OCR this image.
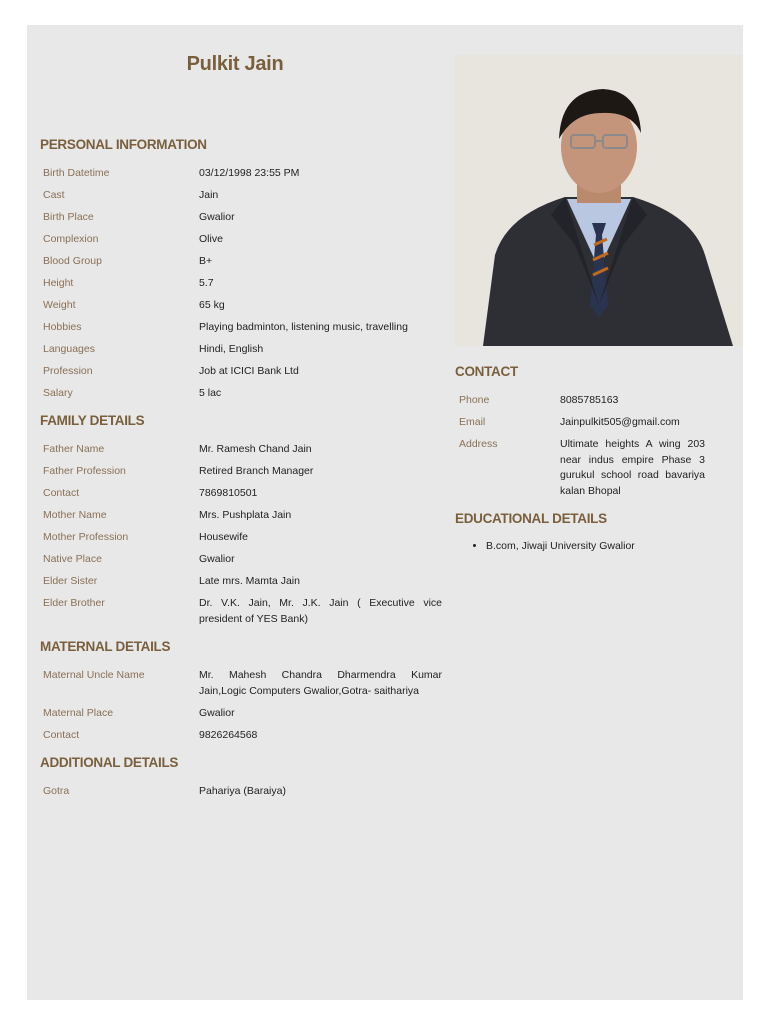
Pulkit Jain
PERSONAL INFORMATION
Birth Datetime	03/12/1998 23:55 PM
Cast	Jain
Birth Place	Gwalior
Complexion	Olive
Blood Group	B+
Height	5.7
Weight	65 kg
Hobbies	Playing badminton, listening music, travelling
Languages	Hindi, English
Profession	Job at ICICI Bank Ltd
Salary	5 lac
FAMILY DETAILS
Father Name	Mr. Ramesh Chand Jain
Father Profession	Retired Branch Manager
Contact	7869810501
Mother Name	Mrs. Pushplata Jain
Mother Profession	Housewife
Native Place	Gwalior
Elder Sister	Late mrs. Mamta Jain
Elder Brother	Dr. V.K. Jain, Mr. J.K. Jain ( Executive vice president of YES Bank)
MATERNAL DETAILS
Maternal Uncle Name	Mr. Mahesh Chandra Dharmendra Kumar Jain,Logic Computers Gwalior,Gotra- saithariya
Maternal Place	Gwalior
Contact	9826264568
ADDITIONAL DETAILS
Gotra	Pahariya (Baraiya)
CONTACT
Phone	8085785163
Email	Jainpulkit505@gmail.com
Address	Ultimate heights A wing 203 near indus empire Phase 3 gurukul school road bavariya kalan Bhopal
EDUCATIONAL DETAILS
• B.com, Jiwaji University Gwalior
